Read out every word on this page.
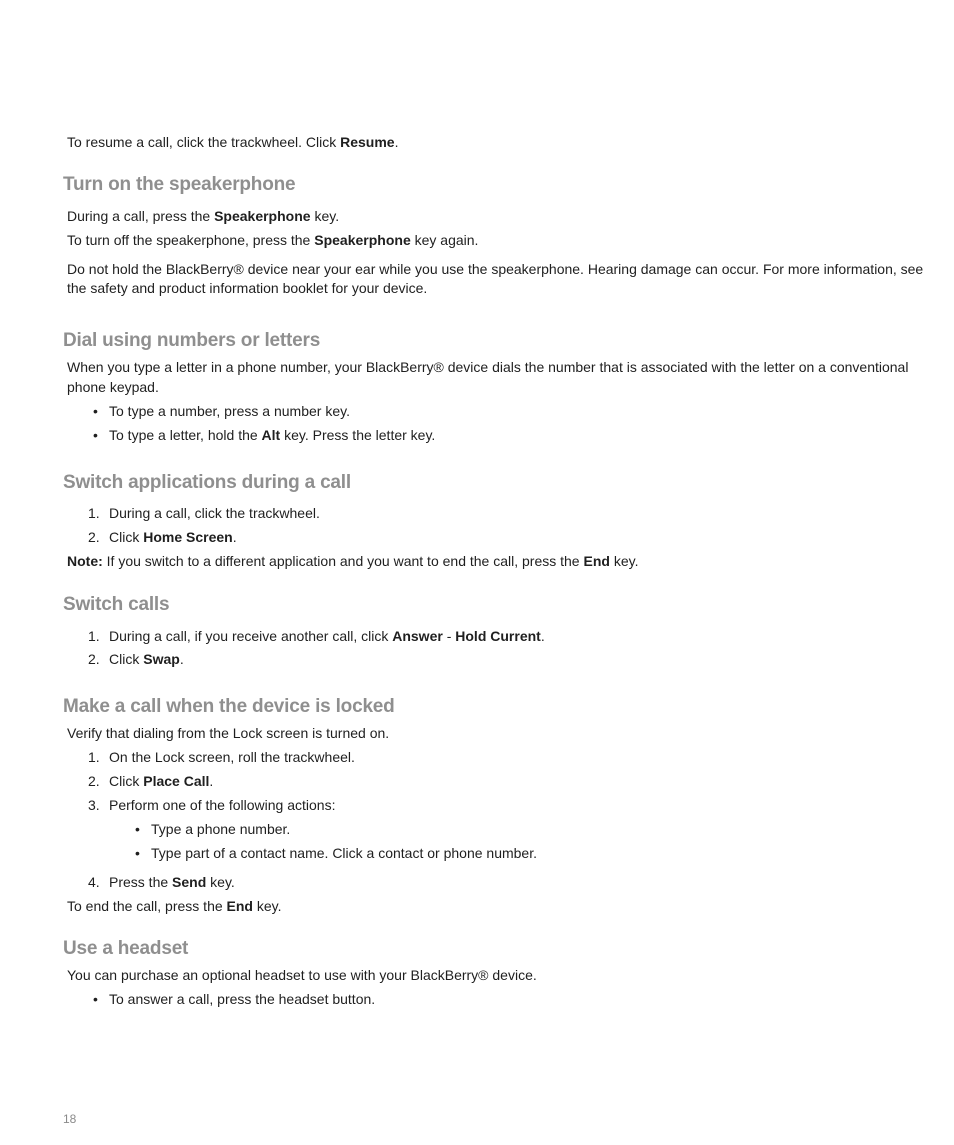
To resume a call, click the trackwheel. Click Resume.
Turn on the speakerphone
During a call, press the Speakerphone key.
To turn off the speakerphone, press the Speakerphone key again.
Do not hold the BlackBerry® device near your ear while you use the speakerphone. Hearing damage can occur. For more information, see
the safety and product information booklet for your device.
Dial using numbers or letters
When you type a letter in a phone number, your BlackBerry® device dials the number that is associated with the letter on a conventional
phone keypad.
• To type a number, press a number key.
• To type a letter, hold the Alt key. Press the letter key.
Switch applications during a call
1. During a call, click the trackwheel.
2. Click Home Screen.
Note: If you switch to a different application and you want to end the call, press the End key.
Switch calls
1. During a call, if you receive another call, click Answer - Hold Current.
2. Click Swap.
Make a call when the device is locked
Verify that dialing from the Lock screen is turned on.
1. On the Lock screen, roll the trackwheel.
2. Click Place Call.
3. Perform one of the following actions:
• Type a phone number.
• Type part of a contact name. Click a contact or phone number.
4. Press the Send key.
To end the call, press the End key.
Use a headset
You can purchase an optional headset to use with your BlackBerry® device.
• To answer a call, press the headset button.
18
